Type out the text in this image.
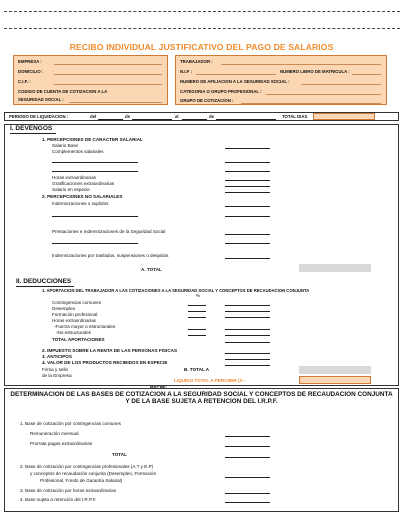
RECIBO INDIVIDUAL JUSTIFICATIVO DEL PAGO DE SALARIOS
EMPRESA :
DOMICILIO :
C.I.F. :
CODIGO DE CUENTA DE COTIZACION A LA
SEGURIDAD SOCIAL :
TRABAJADOR :
N.I.F :	NUMERO LIBRO DE MATRICULA :
NUMERO DE AFILIACION A LA SEGURIDAD SOCIAL :
CATEGORIA O GRUPO PROFESIONAL :
GRUPO DE COTIZACION :
PERIODO DE LIQUIDACION :	del	de	al	de	TOTAL DIAS
I. DEVENGOS
1. PERCEPCIONES DE CARACTER SALARIAL
Salario Base
Complementos salariales
Horas extraordinarias
Gratificaciones extraordinarias
Salario en especie
2. PERCEPCIONES NO SALARIALES
Indemnizaciones o suplidos
Prestaciones e Indemnizaciones de la Seguridad Social
Indemnizaciones por traslados, suspensiones o despidos
A. TOTAL
II. DEDUCCIONES
1. APORTACION DEL TRABAJADOR A LAS COTIZACIONES A LA SEGURIDAD SOCIAL Y CONCEPTOS DE RECAUDACION CONJUNTA
%
Contingencias comunes
Desempleo
Formación profesional
Horas extraordinarias
-Fuerza mayor o estructurales
-No estructurales
TOTAL APORTACIONES
2. IMPUESTO SOBRE LA RENTA DE LAS PERSONAS FISICAS
3. ANTICIPOS
4. VALOR DE LOS PRODUCTOS RECIBIDOS EN ESPECIE
Firma y sello
de la Empresa
B. TOTAL A
LIQUIDO TOTAL A PERCIBIR (A -
DETERMINACION DE LAS BASES DE COTIZACION A LA SEGURIDAD SOCIAL Y CONCEPTOS DE RECAUDACION CONJUNTA Y DE LA BASE SUJETA A RETENCION DEL I.R.P.F.
1. Base de cotización por contingencias comunes
Remuneración mensual
Prorrata pagas extraordinarias
TOTAL
2. Base de cotización por contingencias profesionales (A.T y E.P)
y conceptos de recaudación conjunta (Desempleo, Formación
Profesional, Fondo de Garantía Salarial)
3. Base de cotización por horas extraordinarias
4. Base sujeta a retención del I.R.P.F.
